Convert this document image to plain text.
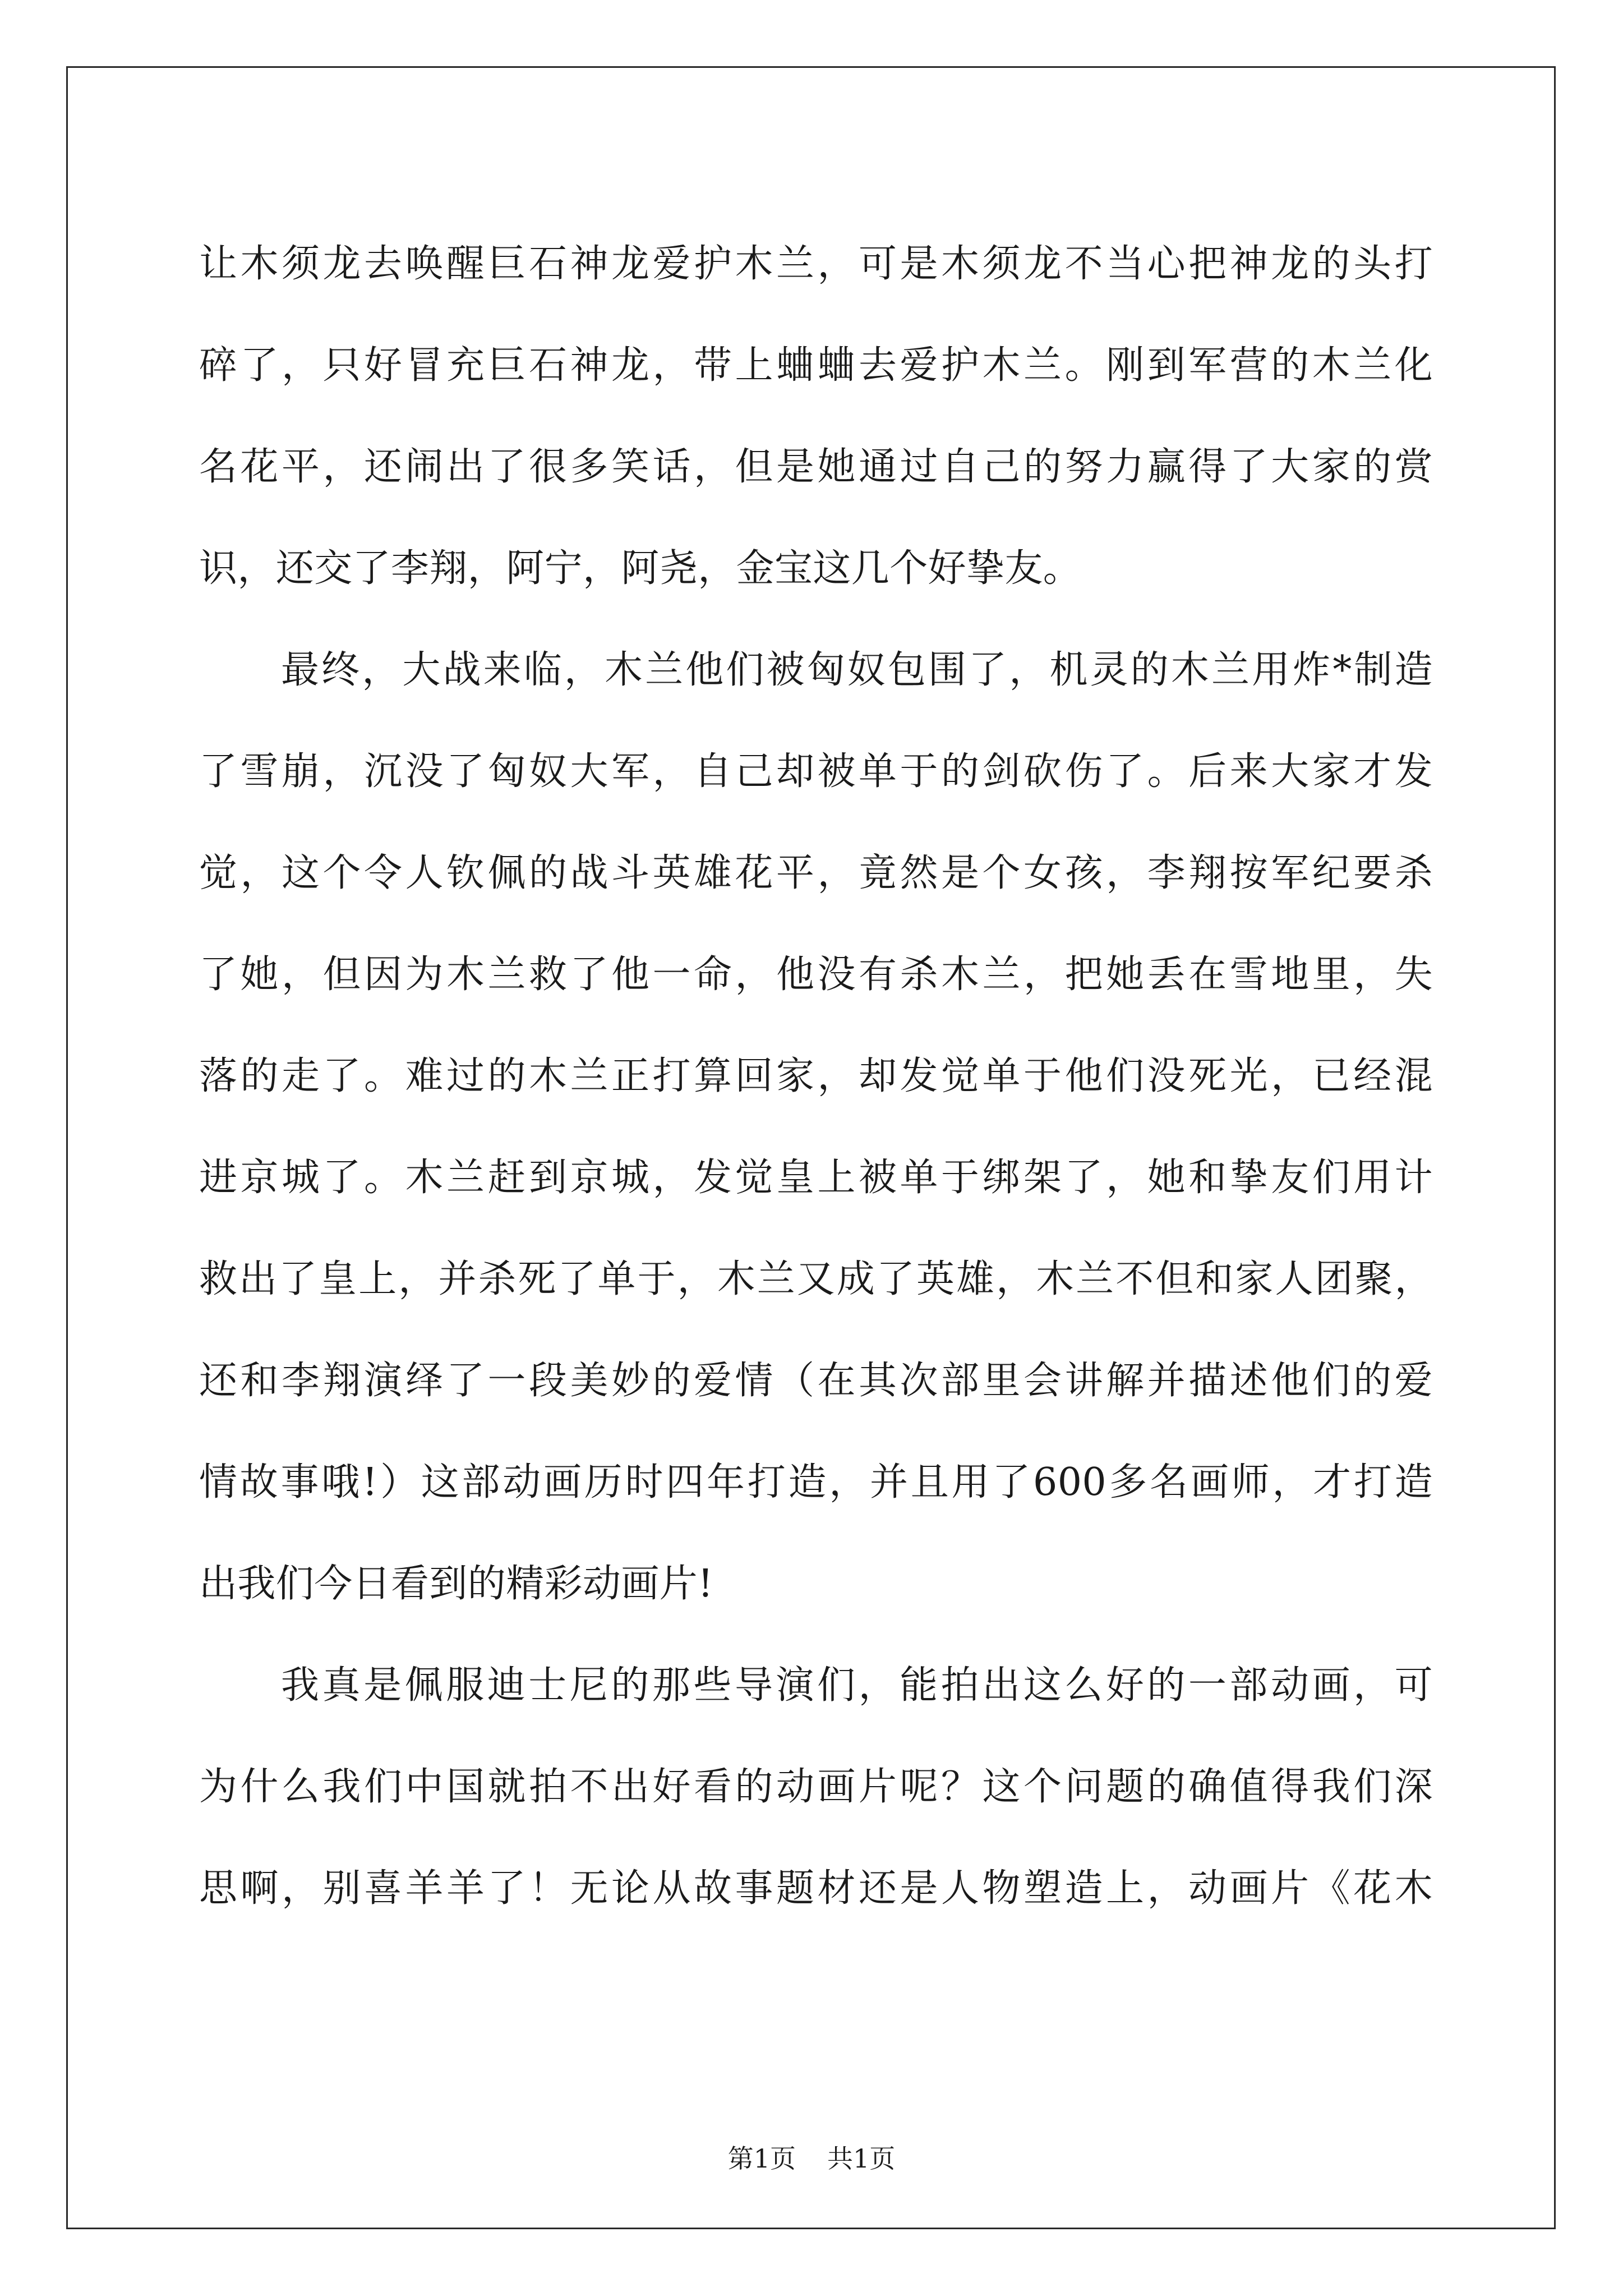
让木须龙去唤醒巨石神龙爱护木兰，可是木须龙不当心把神龙的头打
碎了，只好冒充巨石神龙，带上蛐蛐去爱护木兰。刚到军营的木兰化
名花平，还闹出了很多笑话，但是她通过自己的努力赢得了大家的赏
识，还交了李翔，阿宁，阿尧，金宝这几个好挚友。
最终，大战来临，木兰他们被匈奴包围了，机灵的木兰用炸*制造
了雪崩，沉没了匈奴大军，自己却被单于的剑砍伤了。后来大家才发
觉，这个令人钦佩的战斗英雄花平，竟然是个女孩，李翔按军纪要杀
了她，但因为木兰救了他一命，他没有杀木兰，把她丢在雪地里，失
落的走了。难过的木兰正打算回家，却发觉单于他们没死光，已经混
进京城了。木兰赶到京城，发觉皇上被单于绑架了，她和挚友们用计
救出了皇上，并杀死了单于，木兰又成了英雄，木兰不但和家人团聚，
还和李翔演绎了一段美妙的爱情（在其次部里会讲解并描述他们的爱
情故事哦!）这部动画历时四年打造，并且用了600多名画师，才打造
出我们今日看到的精彩动画片!
我真是佩服迪士尼的那些导演们，能拍出这么好的一部动画，可
为什么我们中国就拍不出好看的动画片呢？这个问题的确值得我们深
思啊，别喜羊羊了！无论从故事题材还是人物塑造上，动画片《花木
第1页 共1页
